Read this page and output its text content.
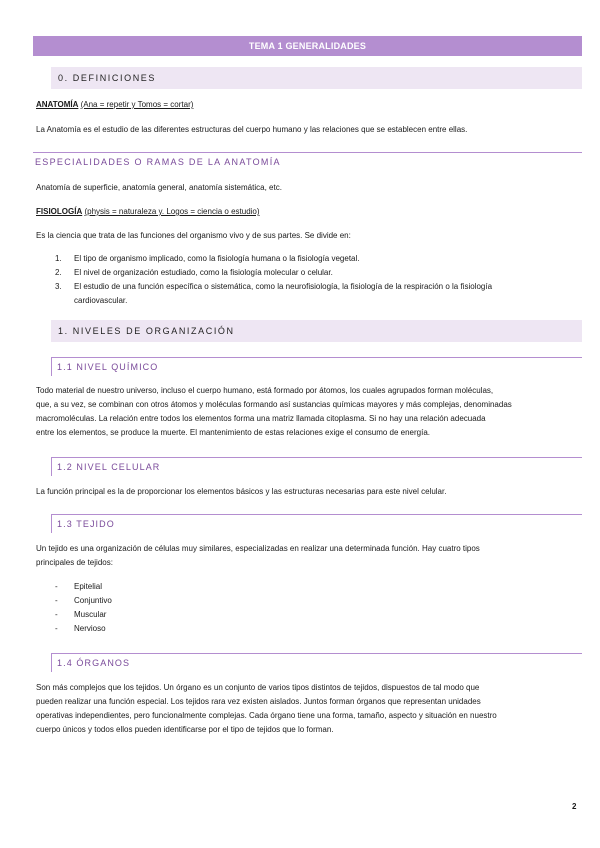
TEMA 1 GENERALIDADES
0. DEFINICIONES
ANATOMÍA (Ana = repetir y Tomos = cortar)
La Anatomía es el estudio de las diferentes estructuras del cuerpo humano y las relaciones que se establecen entre ellas.
ESPECIALIDADES O RAMAS DE LA ANATOMÍA
Anatomía de superficie, anatomía general, anatomía sistemática, etc.
FISIOLOGÍA (physis = naturaleza y. Logos = ciencia o estudio)
Es la ciencia que trata de las funciones del organismo vivo y de sus partes. Se divide en:
1. El tipo de organismo implicado, como la fisiología humana o la fisiología vegetal.
2. El nivel de organización estudiado, como la fisiología molecular o celular.
3. El estudio de una función específica o sistemática, como la neurofisiología, la fisiología de la respiración o la fisiología
cardiovascular.
1. NIVELES DE ORGANIZACIÓN
1.1 NIVEL QUÍMICO
Todo material de nuestro universo, incluso el cuerpo humano, está formado por átomos, los cuales agrupados forman moléculas,
que, a su vez, se combinan con otros átomos y moléculas formando así sustancias químicas mayores y más complejas, denominadas
macromoléculas. La relación entre todos los elementos forma una matriz llamada citoplasma. Si no hay una relación adecuada
entre los elementos, se produce la muerte. El mantenimiento de estas relaciones exige el consumo de energía.
1.2 NIVEL CELULAR
La función principal es la de proporcionar los elementos básicos y las estructuras necesarias para este nivel celular.
1.3 TEJIDO
Un tejido es una organización de células muy similares, especializadas en realizar una determinada función. Hay cuatro tipos
principales de tejidos:
- Epitelial
- Conjuntivo
- Muscular
- Nervioso
1.4 ÓRGANOS
Son más complejos que los tejidos. Un órgano es un conjunto de varios tipos distintos de tejidos, dispuestos de tal modo que
pueden realizar una función especial. Los tejidos rara vez existen aislados. Juntos forman órganos que representan unidades
operativas independientes, pero funcionalmente complejas. Cada órgano tiene una forma, tamaño, aspecto y situación en nuestro
cuerpo únicos y todos ellos pueden identificarse por el tipo de tejidos que lo forman.
2
